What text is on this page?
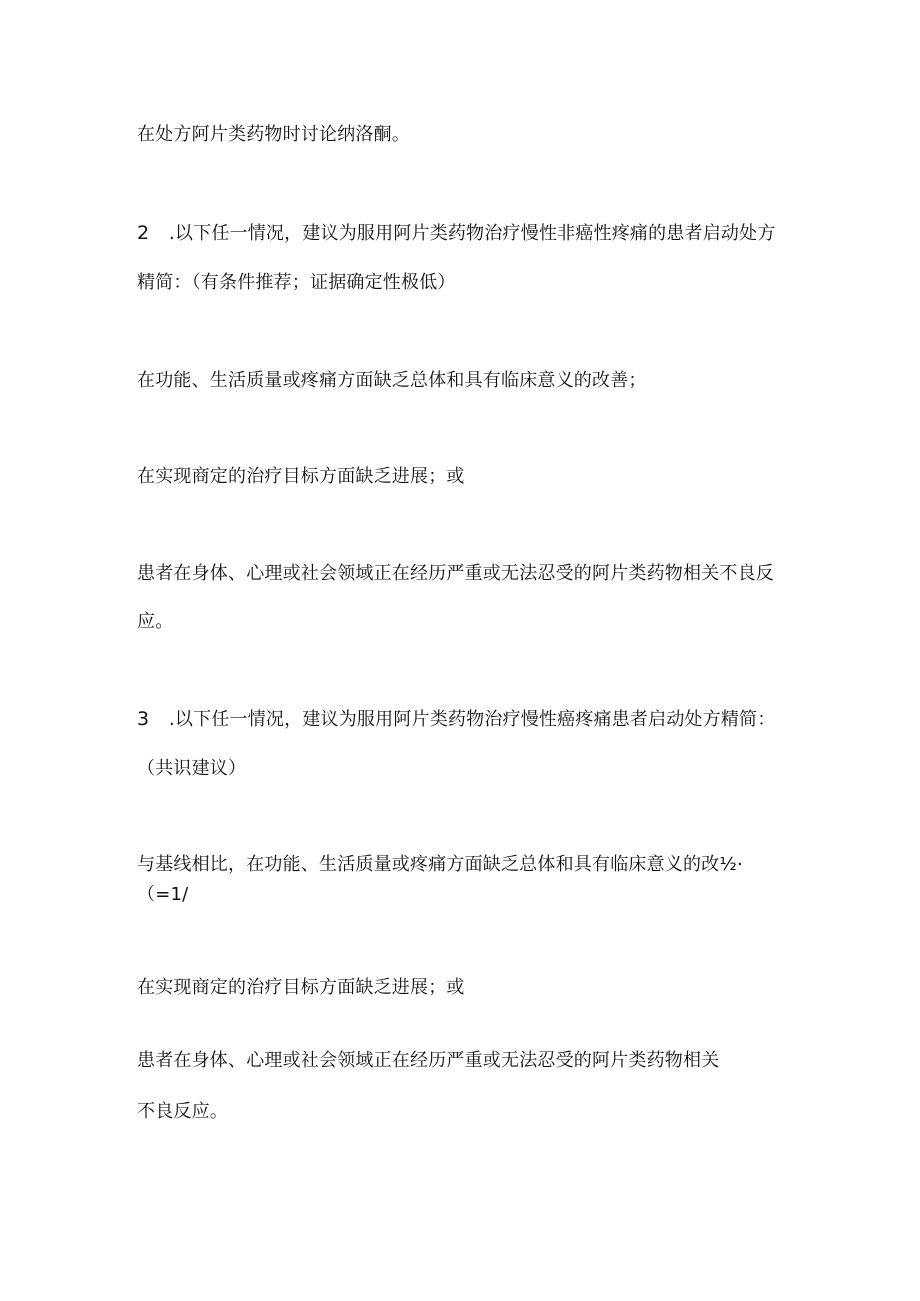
在处方阿片类药物时讨论纳洛酮。
2 .以下任一情况，建议为服用阿片类药物治疗慢性非癌性疼痛的患者启动处方
精简：（有条件推荐；证据确定性极低）
在功能、生活质量或疼痛方面缺乏总体和具有临床意义的改善；
在实现商定的治疗目标方面缺乏进展；或
患者在身体、心理或社会领域正在经历严重或无法忍受的阿片类药物相关不良反
应。
3 .以下任一情况，建议为服用阿片类药物治疗慢性癌疼痛患者启动处方精简：
（共识建议）
与基线相比，在功能、生活质量或疼痛方面缺乏总体和具有临床意义的改½·
（=1/
在实现商定的治疗目标方面缺乏进展；或
患者在身体、心理或社会领域正在经历严重或无法忍受的阿片类药物相关
不良反应。
